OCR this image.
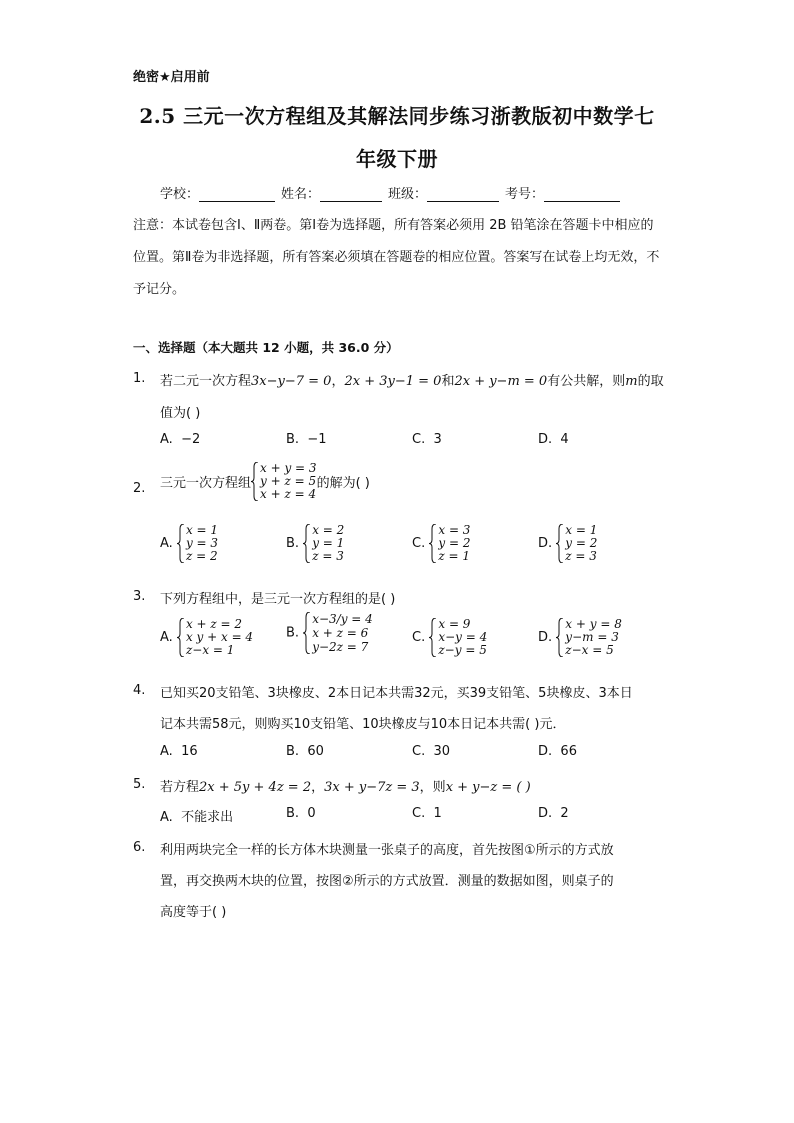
绝密★启用前
2.5 三元一次方程组及其解法同步练习浙教版初中数学七
年级下册
学校：	姓名：	班级：	考号：
注意：本试卷包含Ⅰ、Ⅱ两卷。第Ⅰ卷为选择题，所有答案必须用 2B 铅笔涂在答题卡中相应的位置。第Ⅱ卷为非选择题，所有答案必须填在答题卷的相应位置。答案写在试卷上均无效，不予记分。
一、选择题（本大题共 12 小题，共 36.0 分）
1. 若二元一次方程3x−y−7 = 0，2x + 3y−1 = 0和2x + y−m = 0有公共解，则m的取
值为( )
A. −2	B. −1	C. 3	D. 4
2. 三元一次方程组
x + y = 3
y + z = 5
x + z = 4
的解为( )
A.
x = 1
y = 3
z = 2
B.
x = 2
y = 1
z = 3
C.
x = 3
y = 2
z = 1
D.
x = 1
y = 2
z = 3
3. 下列方程组中，是三元一次方程组的是( )
A.
x + z = 2
x y + x = 4
z−x = 1
B.
x−3/y = 4
x + z = 6
y−2z = 7
C.
x = 9
x−y = 4
z−y = 5
D.
x + y = 8
y−m = 3
z−x = 5
4. 已知买20支铅笔、3块橡皮、2本日记本共需32元，买39支铅笔、5块橡皮、3本日
记本共需58元，则购买10支铅笔、10块橡皮与10本日记本共需( )元．
A. 16	B. 60	C. 30	D. 66
5. 若方程2x + 5y + 4z = 2，3x + y−7z = 3，则x + y−z = ( )
A. 不能求出	B. 0	C. 1	D. 2
6. 利用两块完全一样的长方体木块测量一张桌子的高度，首先按图①所示的方式放
置，再交换两木块的位置，按图②所示的方式放置．测量的数据如图，则桌子的
高度等于( )
